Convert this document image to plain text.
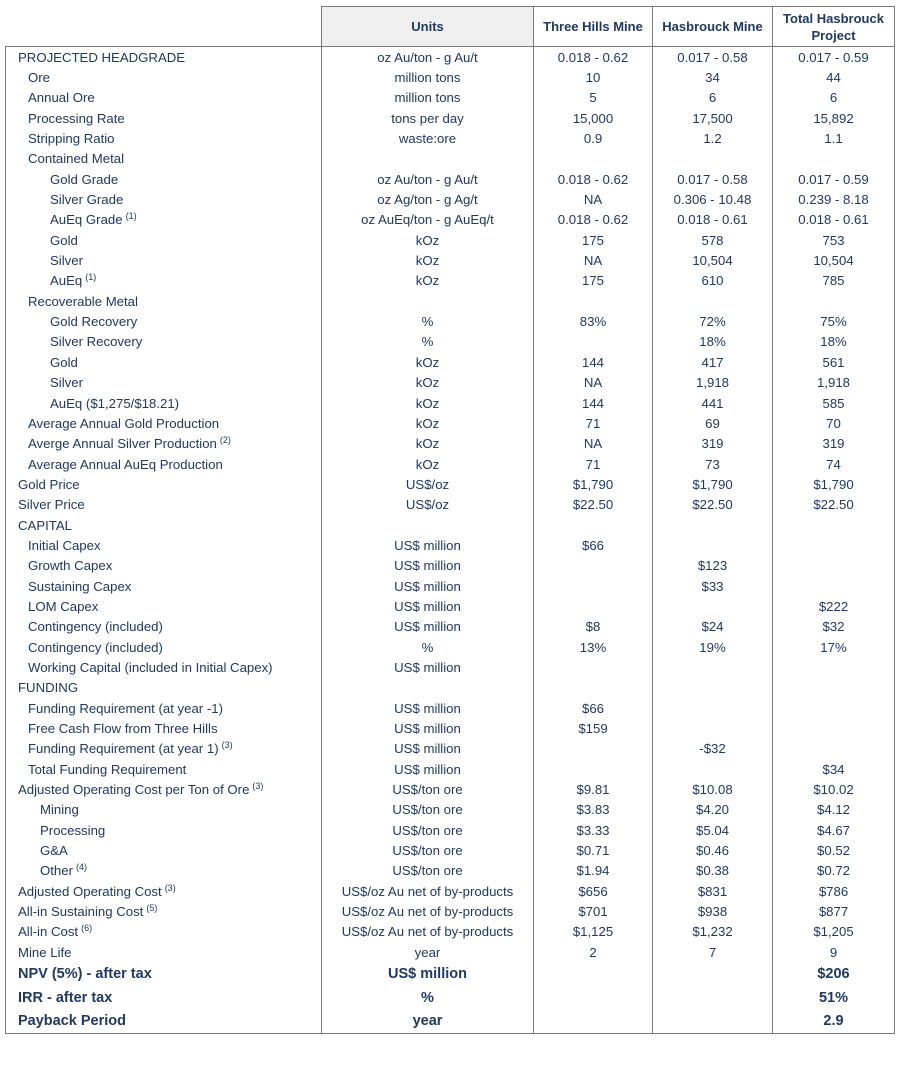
	Units	Three Hills Mine	Hasbrouck Mine	Total Hasbrouck Project
PROJECTED HEADGRADE	oz Au/ton - g Au/t	0.018 - 0.62	0.017 - 0.58	0.017 - 0.59
Ore	million tons	10	34	44
Annual Ore	million tons	5	6	6
Processing Rate	tons per day	15,000	17,500	15,892
Stripping Ratio	waste:ore	0.9	1.2	1.1
Contained Metal				
Gold Grade	oz Au/ton - g Au/t	0.018 - 0.62	0.017 - 0.58	0.017 - 0.59
Silver Grade	oz Ag/ton - g Ag/t	NA	0.306 - 10.48	0.239 - 8.18
AuEq Grade $^{(1)}$	oz AuEq/ton - g AuEq/t	0.018 - 0.62	0.018 - 0.61	0.018 - 0.61
Gold	kOz	175	578	753
Silver	kOz	NA	10,504	10,504
AuEq $^{(1)}$	kOz	175	610	785
Recoverable Metal				
Gold Recovery	%	83%	72%	75%
Silver Recovery	%		18%	18%
Gold	kOz	144	417	561
Silver	kOz	NA	1,918	1,918
AuEq ($1,275/$18.21)	kOz	144	441	585
Average Annual Gold Production	kOz	71	69	70
Averge Annual Silver Production $^{(2)}$	kOz	NA	319	319
Average Annual AuEq Production	kOz	71	73	74
Gold Price	US$/oz	$1,790	$1,790	$1,790
Silver Price	US$/oz	$22.50	$22.50	$22.50
CAPITAL				
Initial Capex	US$ million	$66		
Growth Capex	US$ million		$123	
Sustaining Capex	US$ million		$33	
LOM Capex	US$ million			$222
Contingency (included)	US$ million	$8	$24	$32
Contingency (included)	%	13%	19%	17%
Working Capital (included in Initial Capex)	US$ million			
FUNDING				
Funding Requirement (at year -1)	US$ million	$66		
Free Cash Flow from Three Hills	US$ million	$159		
Funding Requirement (at year 1) $^{(3)}$	US$ million		-$32	
Total Funding Requirement	US$ million			$34
Adjusted Operating Cost per Ton of Ore $^{(3)}$	US$/ton ore	$9.81	$10.08	$10.02
Mining	US$/ton ore	$3.83	$4.20	$4.12
Processing	US$/ton ore	$3.33	$5.04	$4.67
G&A	US$/ton ore	$0.71	$0.46	$0.52
Other $^{(4)}$	US$/ton ore	$1.94	$0.38	$0.72
Adjusted Operating Cost $^{(3)}$	US$/oz Au net of by-products	$656	$831	$786
All-in Sustaining Cost $^{(5)}$	US$/oz Au net of by-products	$701	$938	$877
All-in Cost $^{(6)}$	US$/oz Au net of by-products	$1,125	$1,232	$1,205
Mine Life	year	2	7	9
NPV (5%) - after tax	US$ million			$206
IRR - after tax	%			51%
Payback Period	year			2.9
